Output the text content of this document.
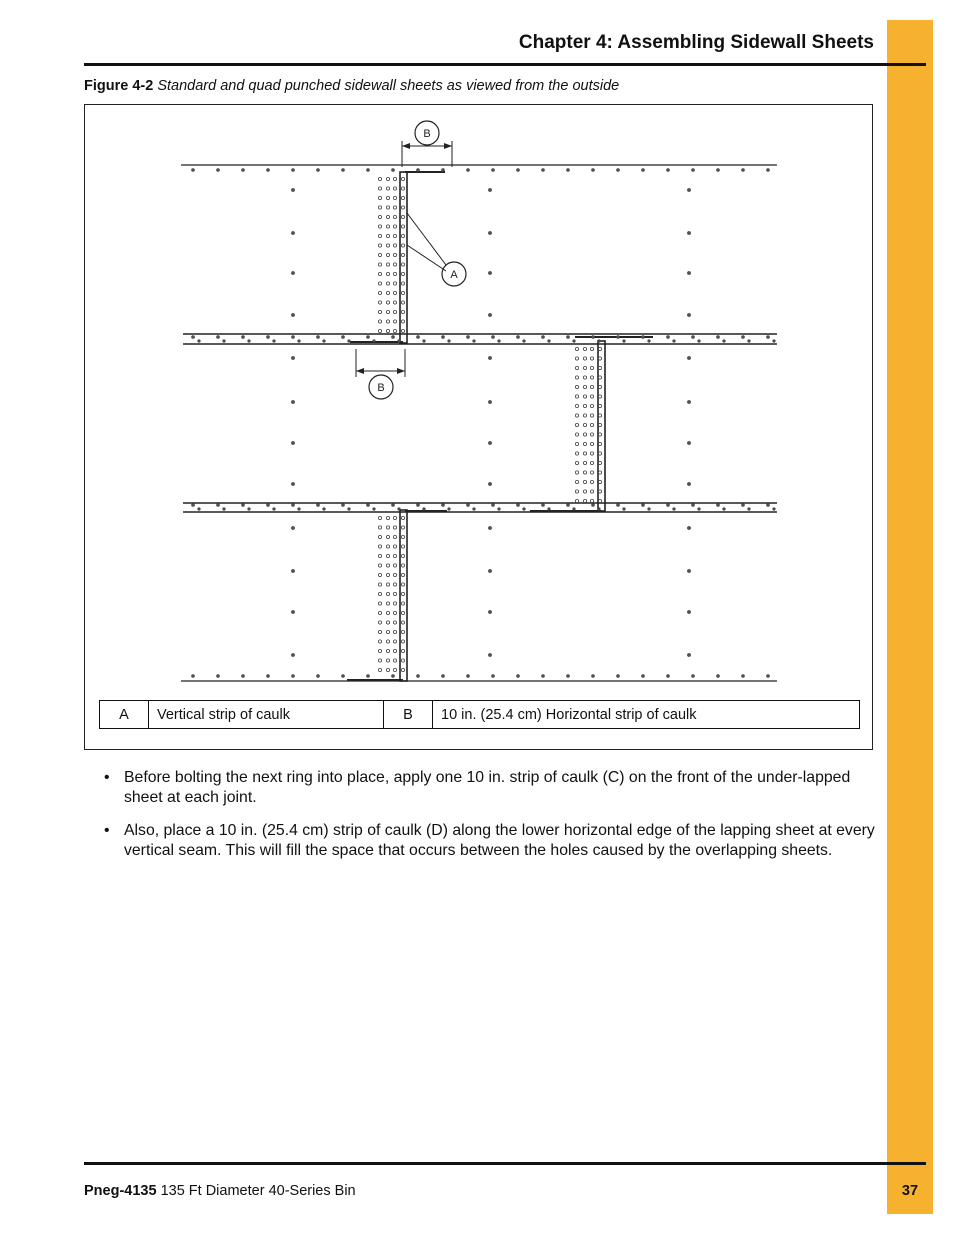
Chapter 4: Assembling Sidewall Sheets
Figure 4-2 Standard and quad punched sidewall sheets as viewed from the outside
B
A
B
A	Vertical strip of caulk	B	10 in. (25.4 cm) Horizontal strip of caulk
• Before bolting the next ring into place, apply one 10 in. strip of caulk (C) on the front of the under-lapped sheet at each joint.
• Also, place a 10 in. (25.4 cm) strip of caulk (D) along the lower horizontal edge of the lapping sheet at every vertical seam. This will fill the space that occurs between the holes caused by the overlapping sheets.
Pneg-4135 135 Ft Diameter 40-Series Bin	37
